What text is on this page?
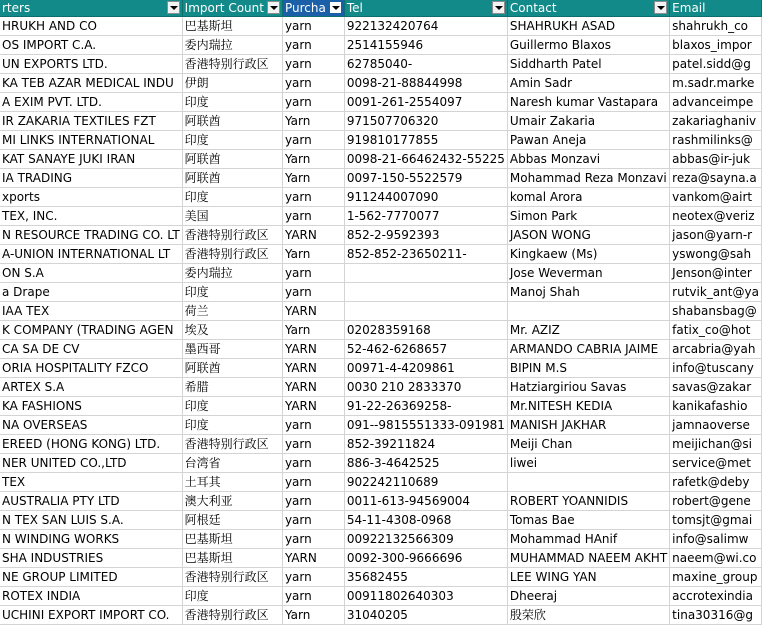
rters	Import Count	Purcha	Tel	Contact	Email

HRUKH AND CO	巴基斯坦	yarn	922132420764	SHAHRUKH ASAD	shahrukh_co
OS IMPORT C.A.	委内瑞拉	yarn	2514155946	Guillermo Blaxos	blaxos_impor
UN EXPORTS LTD.	香港特别行政区	yarn	62785040-	Siddharth Patel	patel.sidd@g
KA TEB AZAR MEDICAL INDU	伊朗	yarn	0098-21-88844998	Amin Sadr	m.sadr.marke
A EXIM PVT. LTD.	印度	yarn	0091-261-2554097	Naresh kumar Vastapara	advanceimpe
IR ZAKARIA TEXTILES FZT	阿联酋	Yarn	971507706320	Umair Zakaria	zakariaghaniv
MI LINKS INTERNATIONAL	印度	yarn	919810177855	Pawan Aneja	rashmilinks@
KAT SANAYE JUKI IRAN	阿联酋	Yarn	0098-21-66462432-55225	Abbas Monzavi	abbas@ir-juk
IA TRADING	阿联酋	Yarn	0097-150-5522579	Mohammad Reza Monzavi	reza@sayna.a
xports	印度	yarn	911244007090	komal Arora	vankom@airt
TEX, INC.	美国	yarn	1-562-7770077	Simon Park	neotex@veriz
N RESOURCE TRADING CO. LT	香港特别行政区	YARN	852-2-9592393	JASON WONG	jason@yarn-r
A-UNION INTERNATIONAL LT	香港特别行政区	Yarn	852-852-23650211-	Kingkaew (Ms)	yswong@sah
ON S.A	委内瑞拉	yarn		Jose Weverman	Jenson@inter
a Drape	印度	yarn		Manoj Shah	rutvik_ant@ya
IAA TEX	荷兰	YARN			shabansbag@
K COMPANY (TRADING AGEN	埃及	Yarn	02028359168	Mr. AZIZ	fatix_co@hot
CA SA DE CV	墨西哥	YARN	52-462-6268657	ARMANDO CABRIA JAIME	arcabria@yah
ORIA HOSPITALITY FZCO	阿联酋	YARN	00971-4-4209861	BIPIN M.S	info@tuscany
ARTEX S.A	希腊	YARN	0030 210 2833370	Hatziargiriou Savas	savas@zakar
KA FASHIONS	印度	YARN	91-22-26369258-	Mr.NITESH KEDIA	kanikafashio
NA OVERSEAS	印度	yarn	091--9815551333-091981	MANISH JAKHAR	jamnaoverse
EREED (HONG KONG) LTD.	香港特别行政区	yarn	852-39211824	Meiji Chan	meijichan@si
NER UNITED CO.,LTD	台湾省	yarn	886-3-4642525	liwei	service@met
TEX	土耳其	yarn	902242110689		rafetk@deby
AUSTRALIA PTY LTD	澳大利亚	yarn	0011-613-94569004	ROBERT YOANNIDIS	robert@gene
N TEX SAN LUIS S.A.	阿根廷	yarn	54-11-4308-0968	Tomas Bae	tomsjt@gmai
N WINDING WORKS	巴基斯坦	yarn	00922132566309	Mohammad HAnif	info@salimw
SHA INDUSTRIES	巴基斯坦	YARN	0092-300-9666696	MUHAMMAD NAEEM AKHT	naeem@wi.co
NE GROUP LIMITED	香港特别行政区	yarn	35682455	LEE WING YAN	maxine_group
ROTEX INDIA	印度	yarn	00911802640303	Dheeraj	accrotexindia
UCHINI EXPORT IMPORT CO.	香港特别行政区	Yarn	31040205	殷荣欣	tina30316@g
